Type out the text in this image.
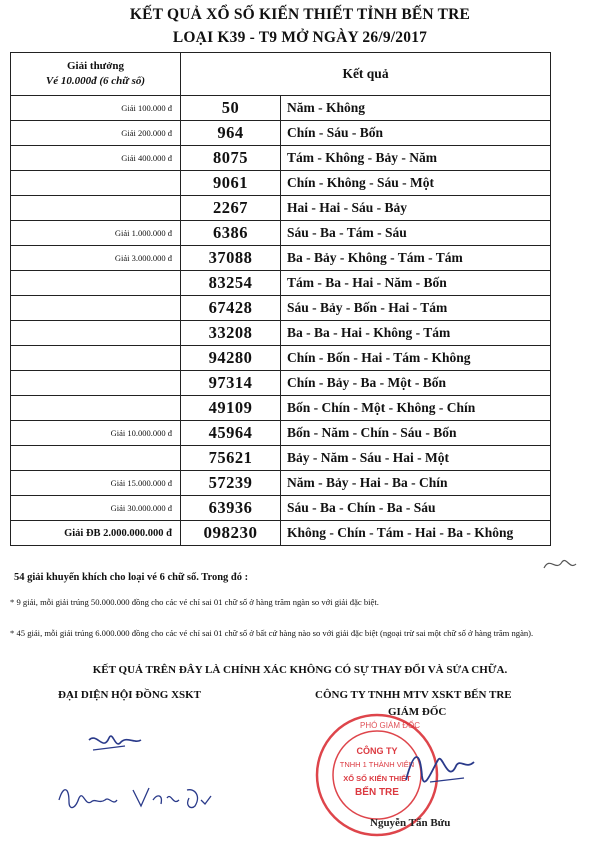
KẾT QUẢ XỔ SỐ KIẾN THIẾT TỈNH BẾN TRE
LOẠI K39 - T9 MỞ NGÀY 26/9/2017
Giải thưởng
Vé 10.000đ (6 chữ số)	Kết quả	
Giải 100.000 đ	50	Năm - Không
Giải 200.000 đ	964	Chín - Sáu - Bốn
Giải 400.000 đ	8075	Tám - Không - Bảy - Năm
	9061	Chín - Không - Sáu - Một
	2267	Hai - Hai - Sáu - Bảy
Giải 1.000.000 đ	6386	Sáu - Ba - Tám - Sáu
Giải 3.000.000 đ	37088	Ba - Bảy - Không - Tám - Tám
	83254	Tám - Ba - Hai - Năm - Bốn
	67428	Sáu - Bảy - Bốn - Hai - Tám
	33208	Ba - Ba - Hai - Không - Tám
	94280	Chín - Bốn - Hai - Tám - Không
	97314	Chín - Bảy - Ba - Một - Bốn
	49109	Bốn - Chín - Một - Không - Chín
Giải 10.000.000 đ	45964	Bốn - Năm - Chín - Sáu - Bốn
	75621	Bảy - Năm - Sáu - Hai - Một
Giải 15.000.000 đ	57239	Năm - Bảy - Hai - Ba - Chín
Giải 30.000.000 đ	63936	Sáu - Ba - Chín - Ba - Sáu
Giải ĐB 2.000.000.000 đ	098230	Không - Chín - Tám - Hai - Ba - Không
54 giải khuyến khích cho loại vé 6 chữ số. Trong đó :
* 9 giải, mỗi giải trúng 50.000.000 đồng cho các vé chỉ sai 01 chữ số ở hàng trăm ngàn so với giải đặc biệt.
* 45 giải, mỗi giải trúng 6.000.000 đồng cho các vé chỉ sai 01 chữ số ở bất cứ hàng nào so với giải đặc biệt (ngoại trừ sai một chữ số ở hàng trăm ngàn).
KẾT QUẢ TRÊN ĐÂY LÀ CHÍNH XÁC KHÔNG CÓ SỰ THAY ĐỔI VÀ SỬA CHỮA.
ĐẠI DIỆN HỘI ĐỒNG XSKT	CÔNG TY TNHH MTV XSKT BẾN TRE
CÔNG TY
TNHH 1 THÀNH VIÊN
XỔ SỐ KIẾN THIẾT
BẾN TRE
PHÓ GIÁM ĐỐC
GIÁM ĐỐC
Nguyễn Tấn Bửu
